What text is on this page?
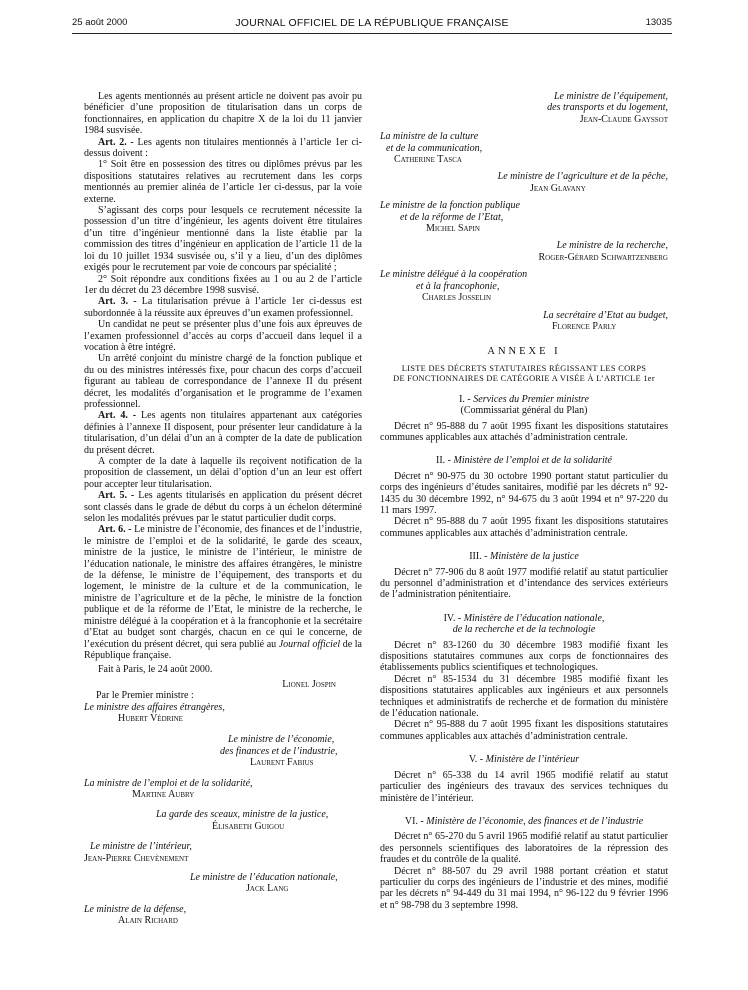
25 août 2000	JOURNAL OFFICIEL DE LA RÉPUBLIQUE FRANÇAISE	13035

Les agents mentionnés au présent article ne doivent pas avoir pu bénéficier d’une proposition de titularisation dans un corps de fonctionnaires, en application du chapitre X de la loi du 11 janvier 1984 susvisée.

Art. 2. - Les agents non titulaires mentionnés à l’article 1er ci-dessus doivent :

1° Soit être en possession des titres ou diplômes prévus par les dispositions statutaires relatives au recrutement dans les corps mentionnés au premier alinéa de l’article 1er ci-dessus, par la voie externe.

S’agissant des corps pour lesquels ce recrutement nécessite la possession d’un titre d’ingénieur, les agents doivent être titulaires d’un titre d’ingénieur mentionné dans la liste établie par la commission des titres d’ingénieur en application de l’article 11 de la loi du 10 juillet 1934 susvisée ou, s’il y a lieu, d’un des diplômes exigés pour le recrutement par voie de concours par spécialité ;

2° Soit répondre aux conditions fixées au 1 ou au 2 de l’article 1er du décret du 23 décembre 1998 susvisé.

Art. 3. - La titularisation prévue à l’article 1er ci-dessus est subordonnée à la réussite aux épreuves d’un examen professionnel.

Un candidat ne peut se présenter plus d’une fois aux épreuves de l’examen professionnel d’accès au corps d’accueil dans lequel il a vocation à être intégré.

Un arrêté conjoint du ministre chargé de la fonction publique et du ou des ministres intéressés fixe, pour chacun des corps d’accueil figurant au tableau de correspondance de l’annexe II du présent décret, les modalités d’organisation et le programme de l’examen professionnel.

Art. 4. - Les agents non titulaires appartenant aux catégories définies à l’annexe II disposent, pour présenter leur candidature à la titularisation, d’un délai d’un an à compter de la date de publication du présent décret.

A compter de la date à laquelle ils reçoivent notification de la proposition de classement, un délai d’option d’un an leur est offert pour accepter leur titularisation.

Art. 5. - Les agents titularisés en application du présent décret sont classés dans le grade de début du corps à un échelon déterminé selon les modalités prévues par le statut particulier dudit corps.

Art. 6. - Le ministre de l’économie, des finances et de l’industrie, le ministre de l’emploi et de la solidarité, le garde des sceaux, ministre de la justice, le ministre de l’intérieur, le ministre de l’éducation nationale, le ministre des affaires étrangères, le ministre de la défense, le ministre de l’équipement, des transports et du logement, le ministre de la culture et de la communication, le ministre de l’agriculture et de la pêche, le ministre de la fonction publique et de la réforme de l’Etat, le ministre de la recherche, le ministre délégué à la coopération et à la francophonie et la secrétaire d’Etat au budget sont chargés, chacun en ce qui le concerne, de l’exécution du présent décret, qui sera publié au Journal officiel de la République française.

Fait à Paris, le 24 août 2000.

Lionel Jospin
Par le Premier ministre :
Le ministre des affaires étrangères,
Hubert Védrine
Le ministre de l’économie,
des finances et de l’industrie,
Laurent Fabius
La ministre de l’emploi et de la solidarité,
Martine Aubry
La garde des sceaux, ministre de la justice,
Élisabeth Guigou
Le ministre de l’intérieur,
Jean-Pierre Chevènement
Le ministre de l’éducation nationale,
Jack Lang
Le ministre de la défense,
Alain Richard
Le ministre de l’équipement,
des transports et du logement,
Jean-Claude Gayssot
La ministre de la culture
et de la communication,
Catherine Tasca
Le ministre de l’agriculture et de la pêche,
Jean Glavany
Le ministre de la fonction publique
et de la réforme de l’Etat,
Michel Sapin
Le ministre de la recherche,
Roger-Gérard Schwartzenberg
Le ministre délégué à la coopération
et à la francophonie,
Charles Josselin
La secrétaire d’Etat au budget,
Florence Parly
ANNEXE I
LISTE DES DÉCRETS STATUTAIRES RÉGISSANT LES CORPS
DE FONCTIONNAIRES DE CATÉGORIE A VISÉE À L’ARTICLE 1er
I. - Services du Premier ministre
(Commissariat général du Plan)

Décret n° 95-888 du 7 août 1995 fixant les dispositions statutaires communes applicables aux attachés d’administration centrale.

II. - Ministère de l’emploi et de la solidarité

Décret n° 90-975 du 30 octobre 1990 portant statut particulier du corps des ingénieurs d’études sanitaires, modifié par les décrets n° 92-1435 du 30 décembre 1992, n° 94-675 du 3 août 1994 et n° 97-220 du 11 mars 1997.

Décret n° 95-888 du 7 août 1995 fixant les dispositions statutaires communes applicables aux attachés d’administration centrale.

III. - Ministère de la justice

Décret n° 77-906 du 8 août 1977 modifié relatif au statut particulier du personnel d’administration et d’intendance des services extérieurs de l’administration pénitentiaire.

IV. - Ministère de l’éducation nationale,
de la recherche et de la technologie

Décret n° 83-1260 du 30 décembre 1983 modifié fixant les dispositions statutaires communes aux corps de fonctionnaires des établissements publics scientifiques et technologiques.

Décret n° 85-1534 du 31 décembre 1985 modifié fixant les dispositions statutaires applicables aux ingénieurs et aux personnels techniques et administratifs de recherche et de formation du ministère de l’éducation nationale.

Décret n° 95-888 du 7 août 1995 fixant les dispositions statutaires communes applicables aux attachés d’administration centrale.

V. - Ministère de l’intérieur

Décret n° 65-338 du 14 avril 1965 modifié relatif au statut particulier des ingénieurs des travaux des services techniques du ministère de l’intérieur.

VI. - Ministère de l’économie, des finances et de l’industrie

Décret n° 65-270 du 5 avril 1965 modifié relatif au statut particulier des personnels scientifiques des laboratoires de la répression des fraudes et du contrôle de la qualité.

Décret n° 88-507 du 29 avril 1988 portant création et statut particulier du corps des ingénieurs de l’industrie et des mines, modifié par les décrets n° 94-449 du 31 mai 1994, n° 96-122 du 9 février 1996 et n° 98-798 du 3 septembre 1998.
